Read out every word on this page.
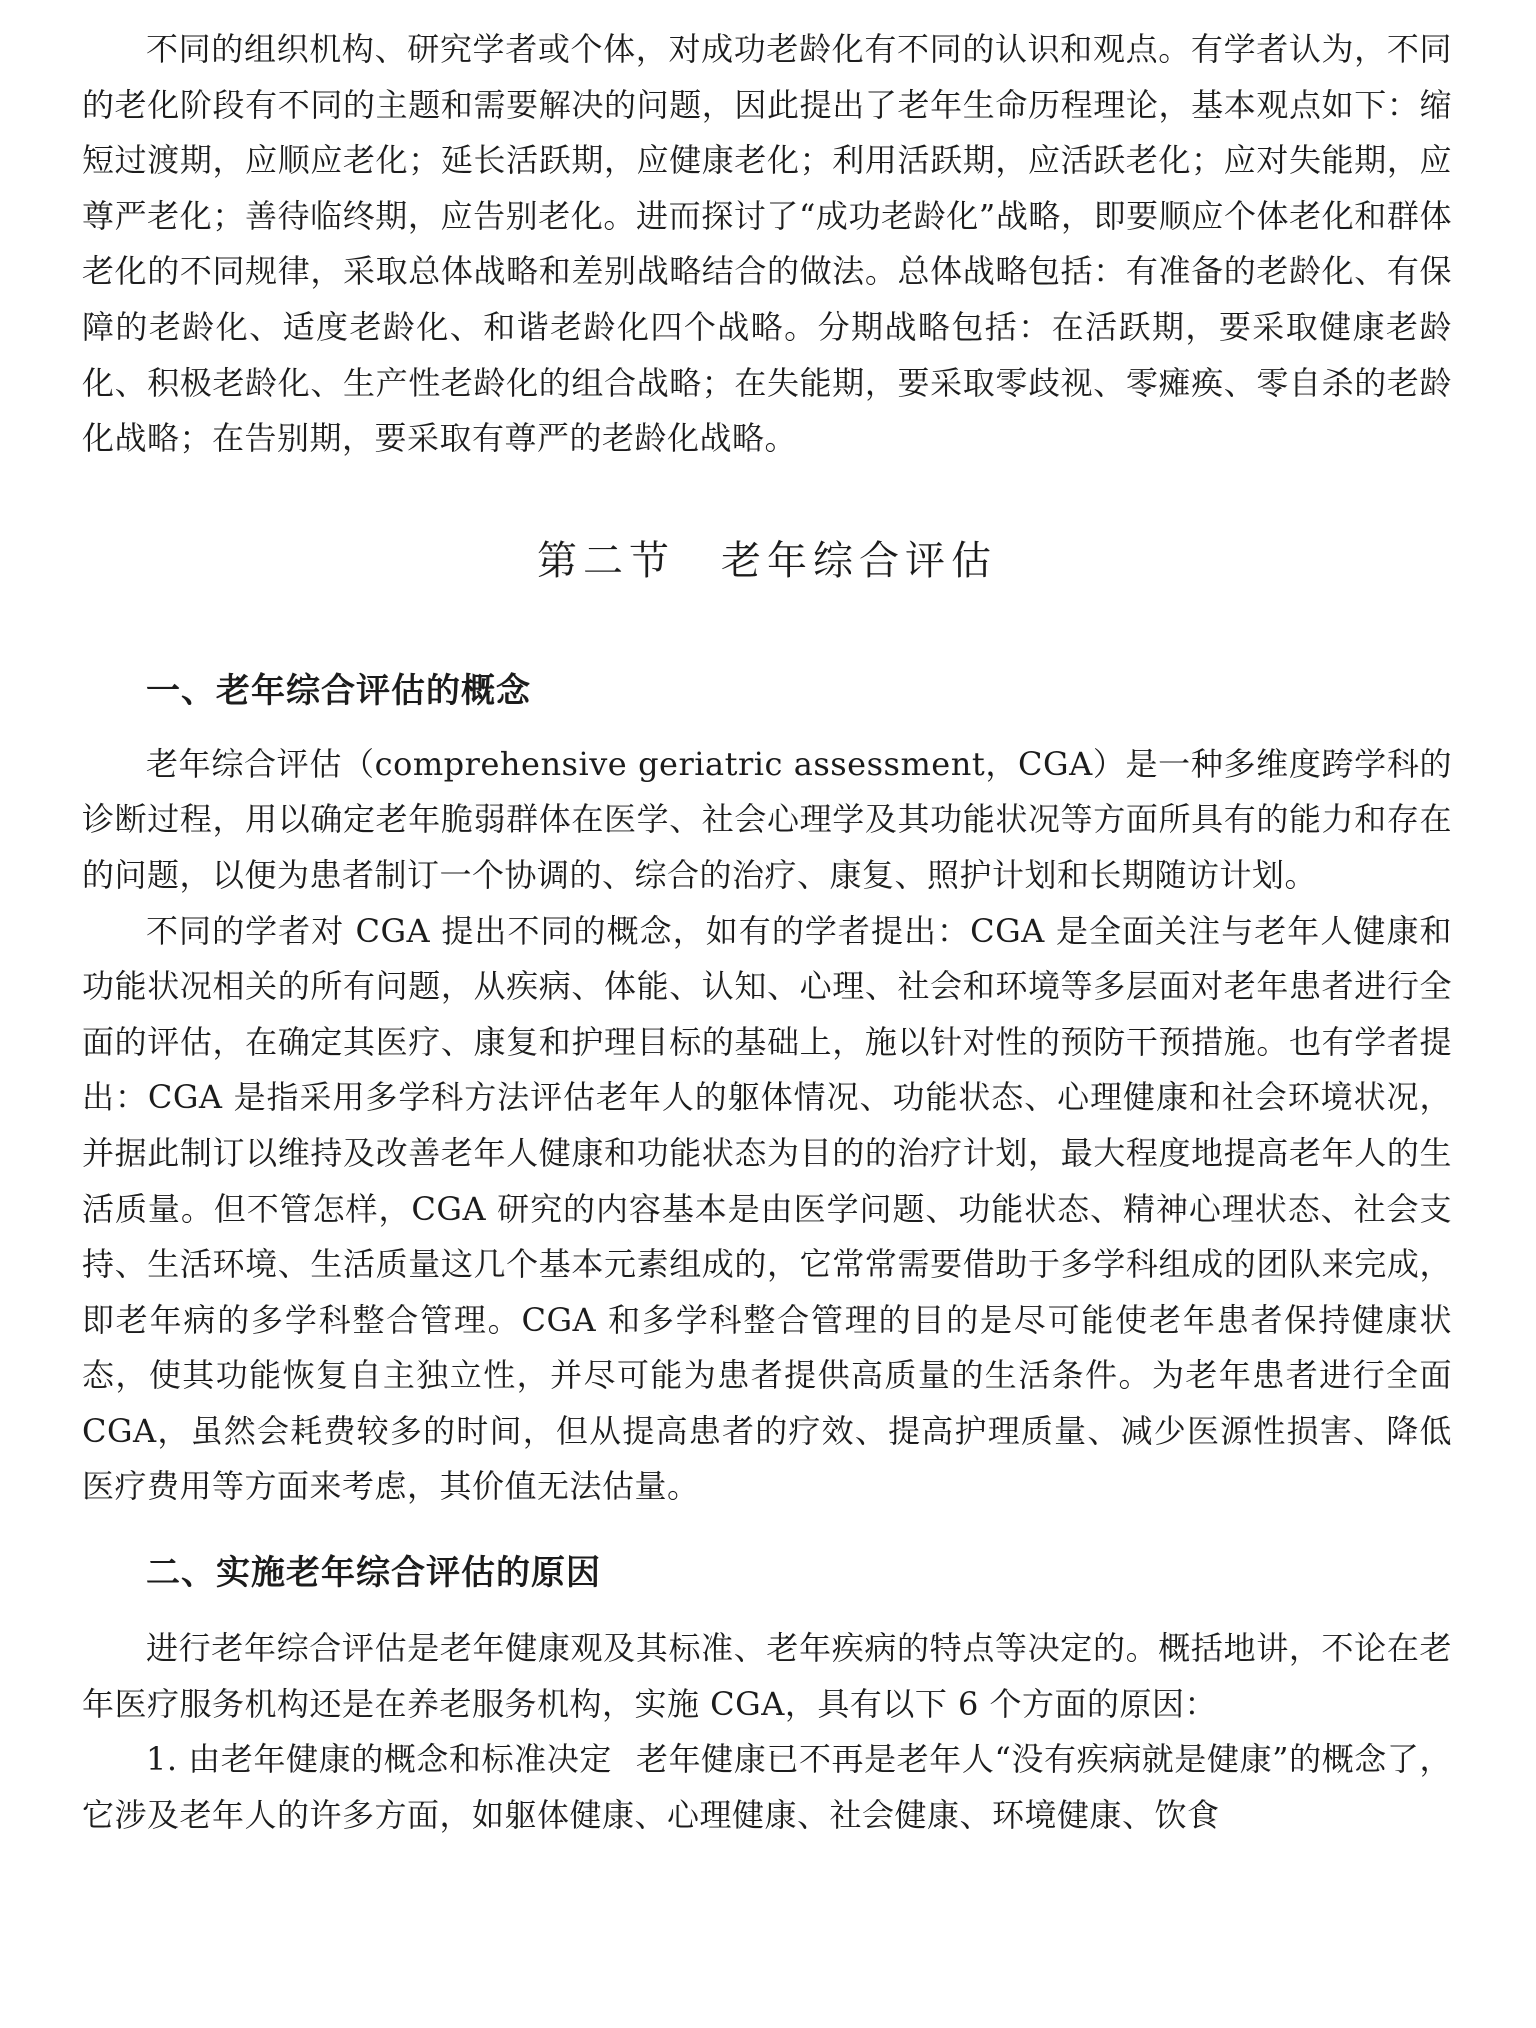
不同的组织机构、研究学者或个体，对成功老龄化有不同的认识和观点。有学者认为，不同的老化阶段有不同的主题和需要解决的问题，因此提出了老年生命历程理论，基本观点如下：缩短过渡期，应顺应老化；延长活跃期，应健康老化；利用活跃期，应活跃老化；应对失能期，应尊严老化；善待临终期，应告别老化。进而探讨了“成功老龄化”战略，即要顺应个体老化和群体老化的不同规律，采取总体战略和差别战略结合的做法。总体战略包括：有准备的老龄化、有保障的老龄化、适度老龄化、和谐老龄化四个战略。分期战略包括：在活跃期，要采取健康老龄化、积极老龄化、生产性老龄化的组合战略；在失能期，要采取零歧视、零瘫痪、零自杀的老龄化战略；在告别期，要采取有尊严的老龄化战略。

第二节　老年综合评估
一、老年综合评估的概念

老年综合评估（comprehensive geriatric assessment，CGA）是一种多维度跨学科的诊断过程，用以确定老年脆弱群体在医学、社会心理学及其功能状况等方面所具有的能力和存在的问题，以便为患者制订一个协调的、综合的治疗、康复、照护计划和长期随访计划。

不同的学者对 CGA 提出不同的概念，如有的学者提出：CGA 是全面关注与老年人健康和功能状况相关的所有问题，从疾病、体能、认知、心理、社会和环境等多层面对老年患者进行全面的评估，在确定其医疗、康复和护理目标的基础上，施以针对性的预防干预措施。也有学者提出：CGA 是指采用多学科方法评估老年人的躯体情况、功能状态、心理健康和社会环境状况，并据此制订以维持及改善老年人健康和功能状态为目的的治疗计划，最大程度地提高老年人的生活质量。但不管怎样，CGA 研究的内容基本是由医学问题、功能状态、精神心理状态、社会支持、生活环境、生活质量这几个基本元素组成的，它常常需要借助于多学科组成的团队来完成，即老年病的多学科整合管理。CGA 和多学科整合管理的目的是尽可能使老年患者保持健康状态，使其功能恢复自主独立性，并尽可能为患者提供高质量的生活条件。为老年患者进行全面 CGA，虽然会耗费较多的时间，但从提高患者的疗效、提高护理质量、减少医源性损害、降低医疗费用等方面来考虑，其价值无法估量。

二、实施老年综合评估的原因

进行老年综合评估是老年健康观及其标准、老年疾病的特点等决定的。概括地讲，不论在老年医疗服务机构还是在养老服务机构，实施 CGA，具有以下 6 个方面的原因：

1. 由老年健康的概念和标准决定 老年健康已不再是老年人“没有疾病就是健康”的概念了，它涉及老年人的许多方面，如躯体健康、心理健康、社会健康、环境健康、饮食
